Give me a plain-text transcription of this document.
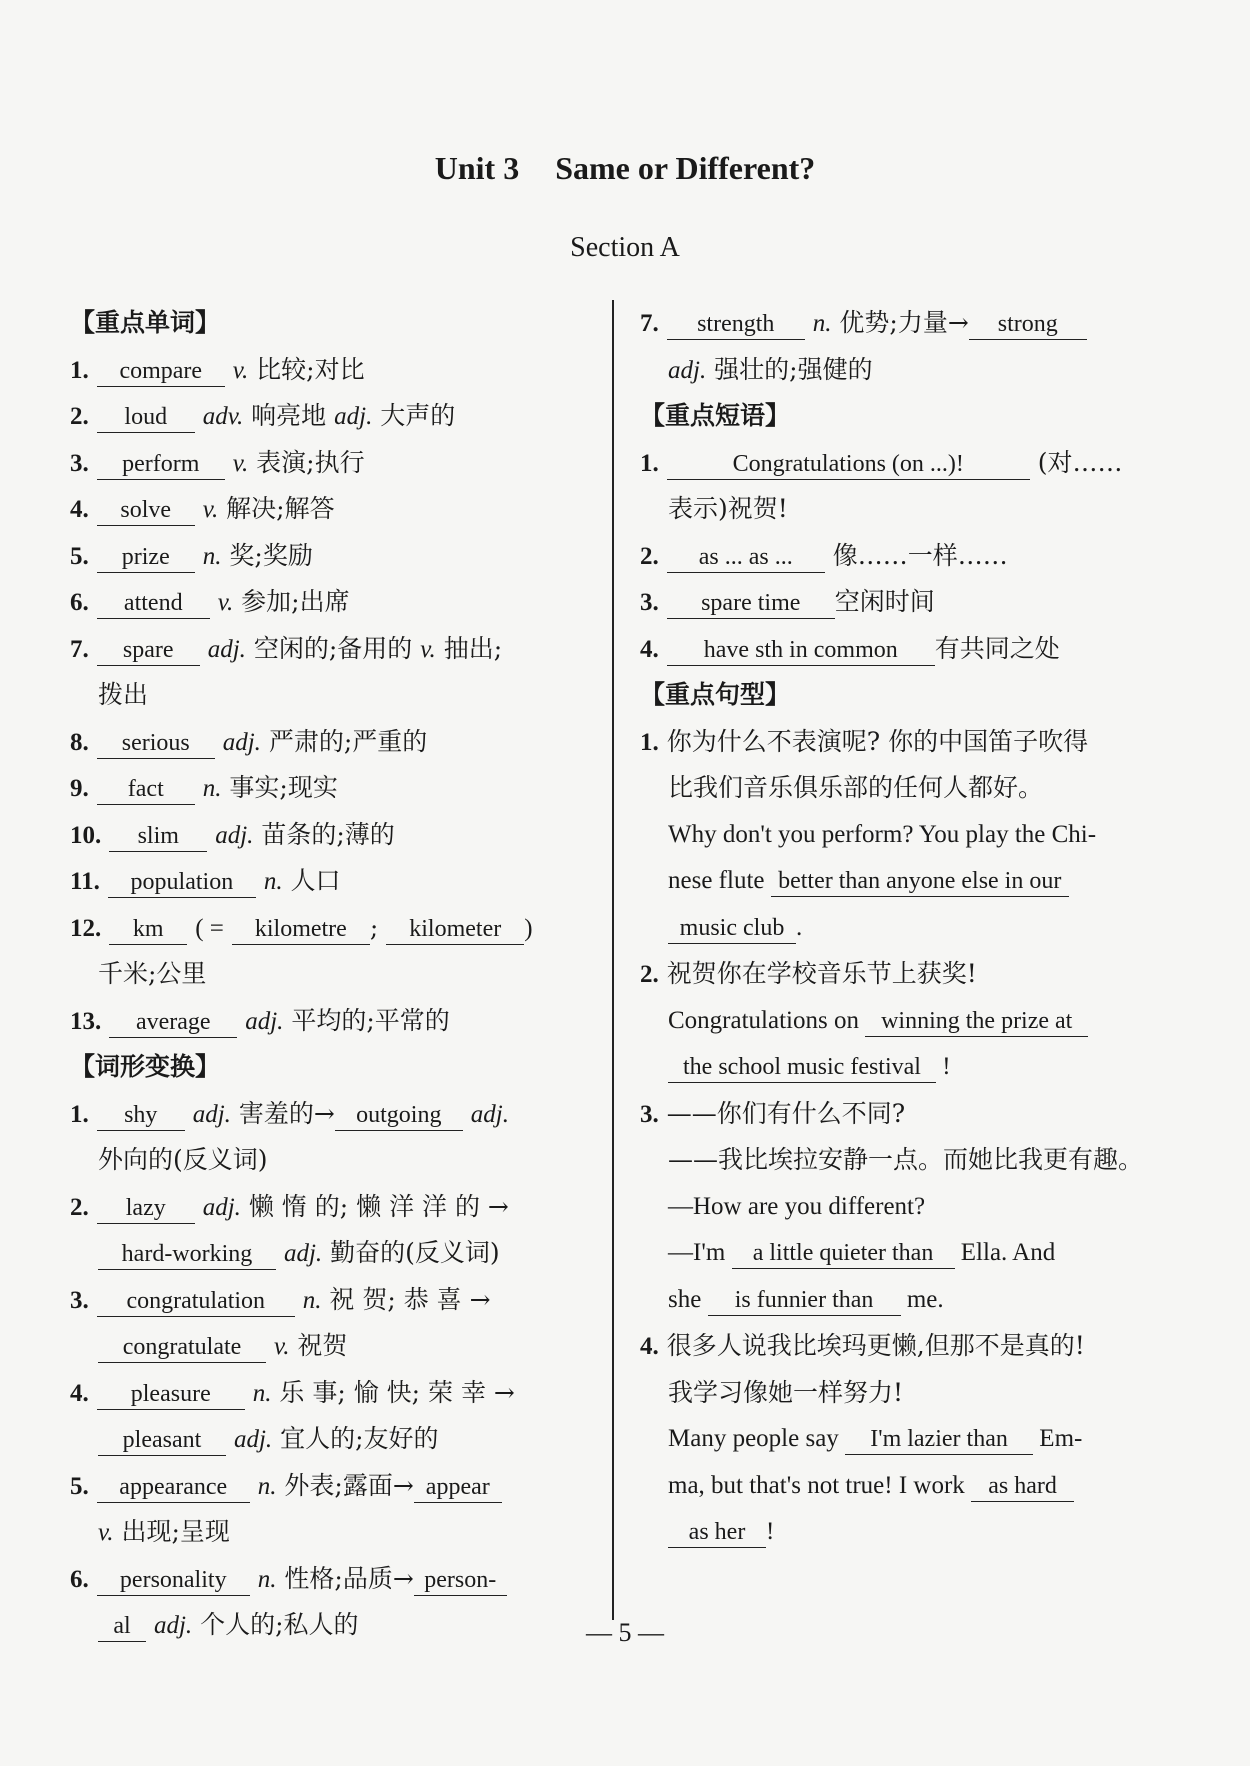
Unit 3 Same or Different?
Section A
【重点单词】
1. compare v. 比较;对比
2. loud adv. 响亮地 adj. 大声的
3. perform v. 表演;执行
4. solve v. 解决;解答
5. prize n. 奖;奖励
6. attend v. 参加;出席
7. spare adj. 空闲的;备用的 v. 抽出;
拨出
8. serious adj. 严肃的;严重的
9. fact n. 事实;现实
10. slim adj. 苗条的;薄的
11. population n. 人口
12. km ( = kilometre ; kilometer )
千米;公里
13. average adj. 平均的;平常的
【词形变换】
1. shy adj. 害羞的→ outgoing adj.
外向的(反义词)
2. lazy adj. 懒 惰 的; 懒 洋 洋 的 →
hard-working adj. 勤奋的(反义词)
3. congratulation n. 祝 贺; 恭 喜 →
congratulate v. 祝贺
4. pleasure n. 乐 事; 愉 快; 荣 幸 →
pleasant adj. 宜人的;友好的
5. appearance n. 外表;露面→ appear
v. 出现;呈现
6. personality n. 性格;品质→ person-
al adj. 个人的;私人的
7. strength n. 优势;力量→ strong
adj. 强壮的;强健的
【重点短语】
1.	Congratulations (on ...)!	(对……
表示)祝贺!
2. as ... as ... 像……一样……
3. spare time 空闲时间
4. have sth in common 有共同之处
【重点句型】
1. 你为什么不表演呢? 你的中国笛子吹得
比我们音乐俱乐部的任何人都好。
Why don't you perform? You play the Chi-
nese flute better than anyone else in our
music club .
2. 祝贺你在学校音乐节上获奖!
Congratulations on winning the prize at
the school music festival !
3. ——你们有什么不同?
——我比埃拉安静一点。而她比我更有趣。
—How are you different?
—I'm a little quieter than Ella. And
she is funnier than me.
4. 很多人说我比埃玛更懒,但那不是真的!
我学习像她一样努力!
Many people say I'm lazier than Em-
ma, but that's not true! I work as hard
as her !
— 5 —
